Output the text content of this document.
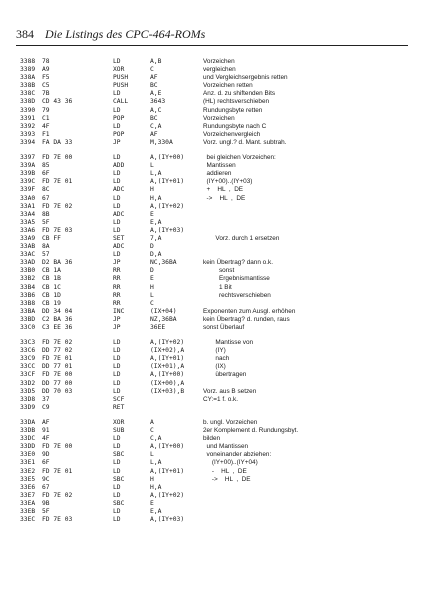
384 Die Listings des CPC-464-ROMs
3388 78	LD	A,B	Vorzeichen
3389 A9	XOR	C	vergleichen
338A F5	PUSH	AF	und Vergleichsergebnis retten
338B C5	PUSH	BC	Vorzeichen retten
338C 7B	LD	A,E	Anz. d. zu shiftenden Bits
338D CD 43 36	CALL	3643	(HL) rechtsverschieben
3390 79	LD	A,C	Rundungsbyte retten
3391 C1	POP	BC	Vorzeichen
3392 4F	LD	C,A	Rundungsbyte nach C
3393 F1	POP	AF	Vorzeichenvergleich
3394 FA DA 33	JP	M,330A	Vorz. ungl.? d. Mant. subtrah.
3397 FD 7E 00	LD	A,(IY+00)	bei gleichen Vorzeichen:
339A 85	ADD	L	Mantissen
339B 6F	LD	L,A	addieren
339C FD 7E 01	LD	A,(IY+01)	(IY+00)..(IY+03)
339F 8C	ADC	H	+    HL  ,  DE
33A0 67	LD	H,A	->    HL  ,  DE
33A1 FD 7E 02	LD	A,(IY+02)
33A4 8B	ADC	E
33A5 5F	LD	E,A
33A6 FD 7E 03	LD	A,(IY+03)
33A9 CB FF	SET	7,A	Vorz. durch 1 ersetzen
33AB 8A	ADC	D
33AC 57	LD	D,A
33AD D2 BA 36	JP	NC,36BA	kein Übertrag? dann o.k.
33B0 CB 1A	RR	D	sonst
33B2 CB 1B	RR	E	Ergebnismantisse
33B4 CB 1C	RR	H	1 Bit
33B6 CB 1D	RR	L	rechtsverschieben
33B8 CB 19	RR	C
33BA DD 34 04	INC	(IX+04)	Exponenten zum Ausgl. erhöhen
33BD C2 BA 36	JP	NZ,36BA	kein Übertrag? d. runden, raus
33C0 C3 EE 36	JP	36EE	sonst Überlauf
33C3 FD 7E 02	LD	A,(IY+02)	Mantisse von
33C6 DD 77 02	LD	(IX+02),A	(IY)
33C9 FD 7E 01	LD	A,(IY+01)	nach
33CC DD 77 01	LD	(IX+01),A	(IX)
33CF FD 7E 00	LD	A,(IY+00)	übertragen
33D2 DD 77 00	LD	(IX+00),A
33D5 DD 70 03	LD	(IX+03),B	Vorz. aus B setzen
33D8 37	SCF	CY:=1 f. o.k.
33D9 C9	RET
33DA AF	XOR	A	b. ungl. Vorzeichen
33DB 91	SUB	C	2er Komplement d. Rundungsbyt.
33DC 4F	LD	C,A	bilden
33DD FD 7E 00	LD	A,(IY+00)	und Mantissen
33E0 9D	SBC	L	voneinander abziehen:
33E1 6F	LD	L,A	(IY+00)..(IY+04)
33E2 FD 7E 01	LD	A,(IY+01)	-    HL  ,  DE
33E5 9C	SBC	H	->    HL  ,  DE
33E6 67	LD	H,A
33E7 FD 7E 02	LD	A,(IY+02)
33EA 9B	SBC	E
33EB 5F	LD	E,A
33EC FD 7E 03	LD	A,(IY+03)
